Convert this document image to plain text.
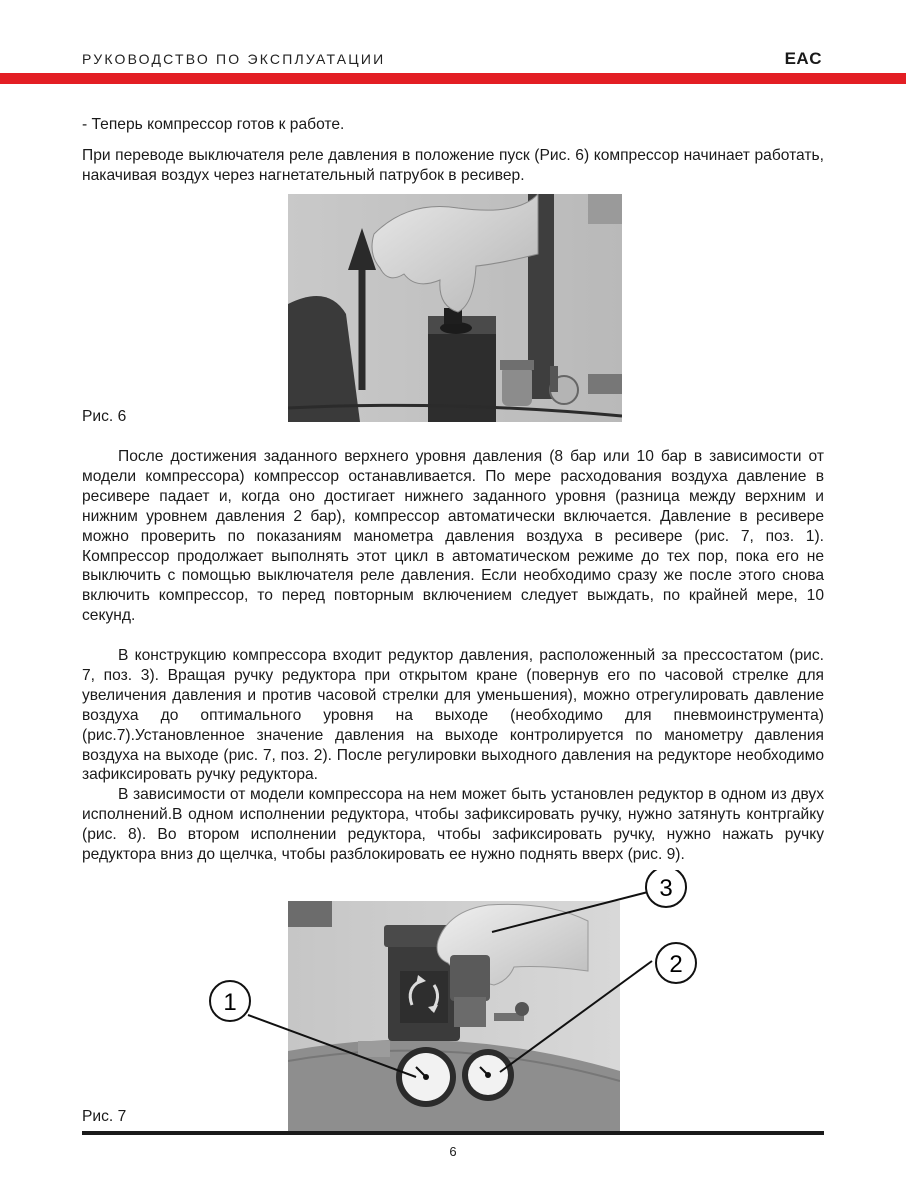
РУКОВОДСТВО ПО ЭКСПЛУАТАЦИИ	EAC

- Теперь компрессор готов к работе.

При переводе выключателя реле давления в положение пуск (Рис. 6) компрессор начинает работать, накачивая воздух через нагнетательный патрубок в ресивер.

Рис. 6

После достижения заданного верхнего уровня давления (8 бар или 10 бар в зависимости от модели компрессора) компрессор останавливается. По мере расходования воздуха давление в ресивере падает и, когда оно достигает нижнего заданного уровня (разница между верхним и нижним уровнем давления 2 бар), компрессор автоматически включается. Давление в ресивере можно проверить по показаниям манометра давления воздуха в ресивере (рис. 7, поз. 1). Компрессор продолжает выполнять этот цикл в автоматическом режиме до тех пор, пока его не выключить с помощью выключателя реле давления. Если необходимо сразу же после этого снова включить компрессор, то перед повторным включением следует выждать, по крайней мере, 10 секунд.

В конструкцию компрессора входит редуктор давления, расположенный за прессостатом (рис. 7, поз. 3). Вращая ручку редуктора при открытом кране (повернув его по часовой стрелке для увеличения давления и против часовой стрелки для уменьшения), можно отрегулировать давление воздуха до оптимального уровня на выходе (необходимо для пневмоинструмента) (рис.7).Установленное значение давления на выходе контролируется по манометру давления воздуха на выходе (рис. 7, поз. 2). После регулировки выходного давления на редукторе необходимо зафиксировать ручку редуктора.

В зависимости от модели компрессора на нем может быть установлен редуктор в одном из двух исполнений.В одном исполнении редуктора, чтобы зафиксировать ручку, нужно затянуть контргайку (рис. 8). Во втором исполнении редуктора, чтобы зафиксировать ручку, нужно нажать ручку редуктора вниз до щелчка, чтобы разблокировать ее нужно поднять вверх (рис. 9).

1
2
3
Рис. 7
6
